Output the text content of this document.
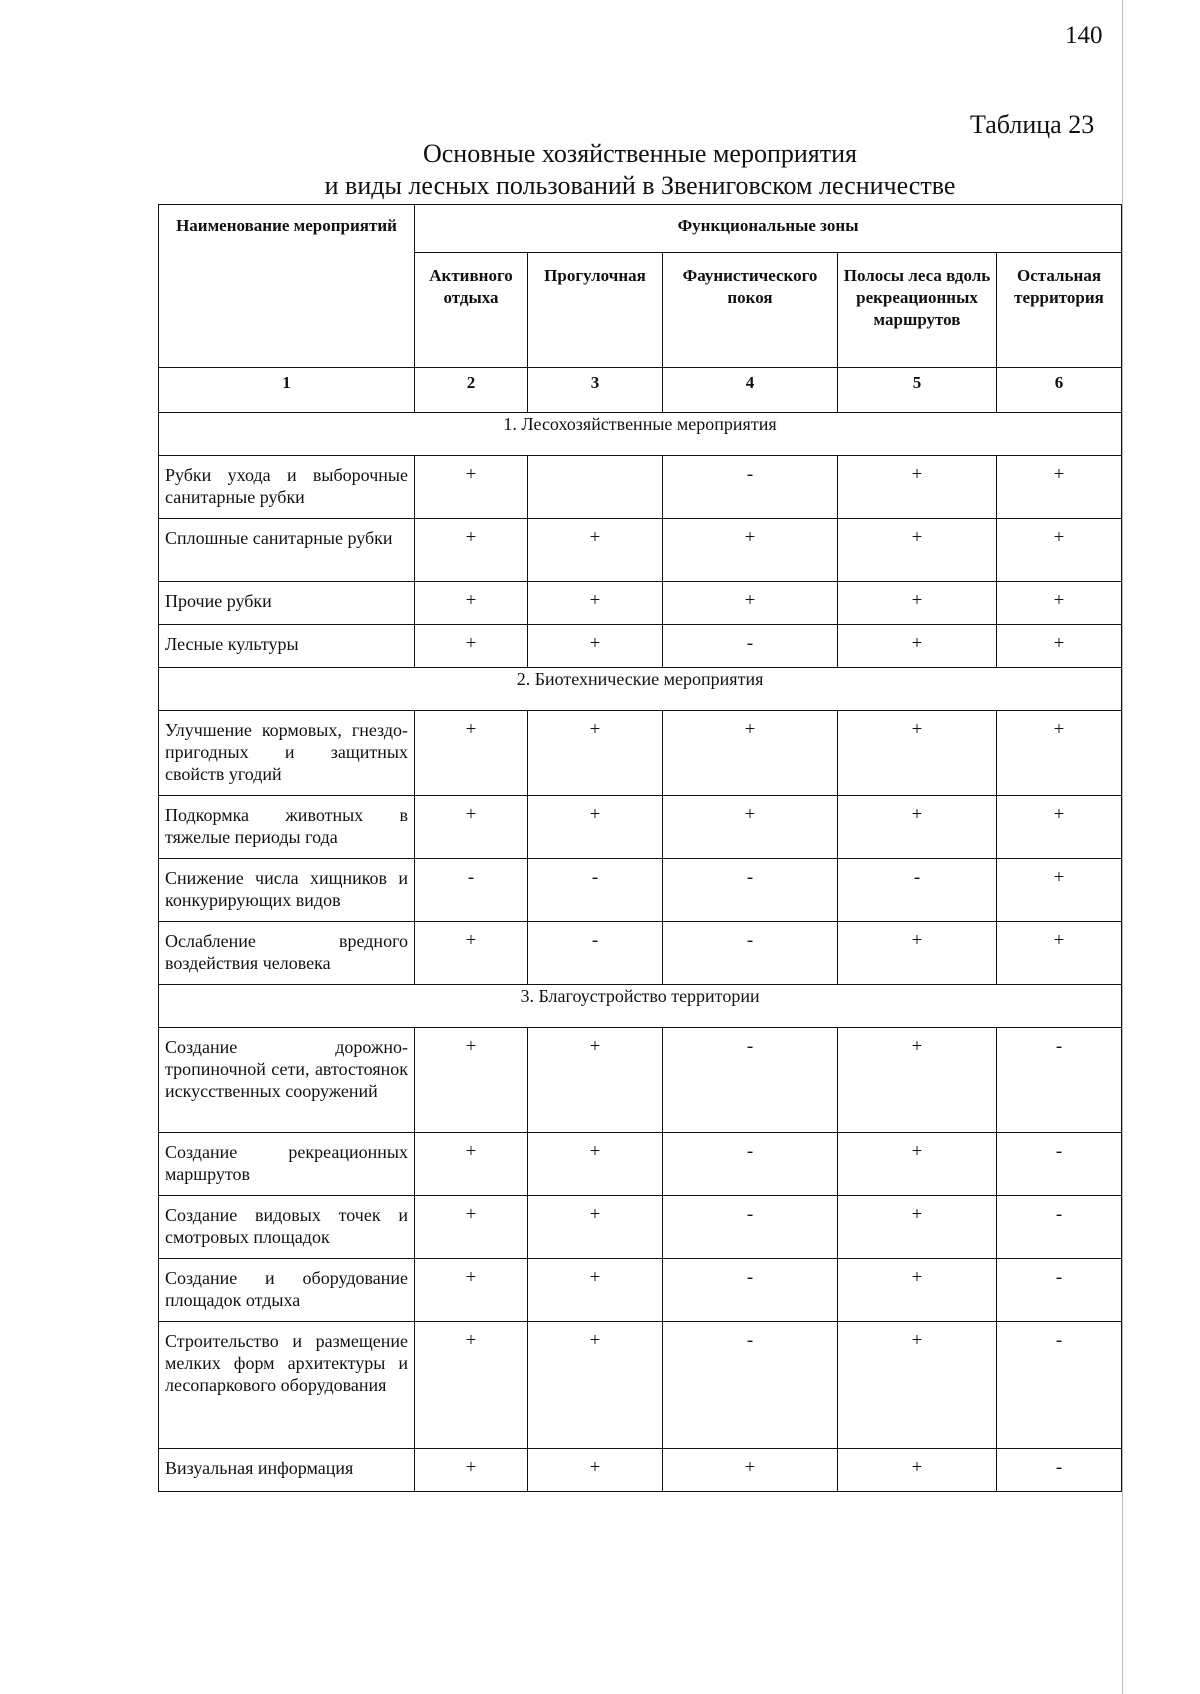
140
Таблица 23
Основные хозяйственные мероприятия
и виды лесных пользований в Звениговском лесничестве
Наименование мероприятий	Функциональные зоны				
	Активного отдыха	Прогулочная	Фаунистического покоя	Полосы леса вдоль рекреационных маршрутов	Остальная территория
1	2	3	4	5	6
1. Лесохозяйственные мероприятия					
Рубки ухода и выборочные санитарные рубки	+		-	+	+
Сплошные санитарные рубки	+	+	+	+	+
Прочие рубки	+	+	+	+	+
Лесные культуры	+	+	-	+	+
2. Биотехнические мероприятия					
Улучшение кормовых, гнездо-пригодных и защитных свойств угодий	+	+	+	+	+
Подкормка животных в тяжелые периоды года	+	+	+	+	+
Снижение числа хищников и конкурирующих видов	-	-	-	-	+
Ослабление вредного воздействия человека	+	-	-	+	+
3. Благоустройство территории					
Создание дорожно-тропиночной сети, автостоянок искусственных сооружений	+	+	-	+	-
Создание рекреационных маршрутов	+	+	-	+	-
Создание видовых точек и смотровых площадок	+	+	-	+	-
Создание и оборудование площадок отдыха	+	+	-	+	-
Строительство и размещение мелких форм архитектуры и лесопаркового оборудования	+	+	-	+	-
Визуальная информация	+	+	+	+	-
